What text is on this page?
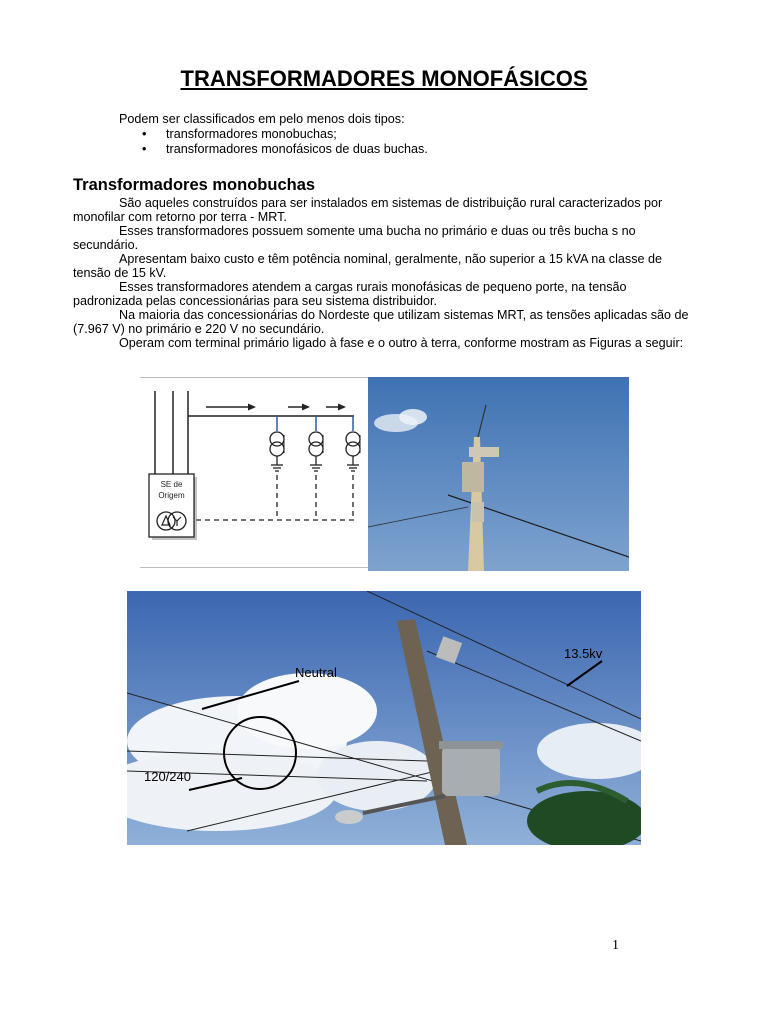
TRANSFORMADORES MONOFÁSICOS
Podem ser classificados em pelo menos dois tipos:
• transformadores monobuchas;
• transformadores monofásicos de duas buchas.
Transformadores monobuchas

São aqueles construídos para ser instalados em sistemas de distribuição rural caracterizados por monofilar com retorno por terra - MRT.

Esses transformadores possuem somente uma bucha no primário e duas ou três bucha s no secundário.

Apresentam baixo custo e têm potência nominal, geralmente, não superior a 15 kVA na classe de tensão de 15 kV.

Esses transformadores atendem a cargas rurais monofásicas de pequeno porte, na tensão padronizada pelas concessionárias para seu sistema distribuidor.

Na maioria das concessionárias do Nordeste que utilizam sistemas MRT, as tensões aplicadas são de (7.967 V) no primário e 220 V no secundário.

Operam com terminal primário ligado à fase e o outro à terra, conforme mostram as Figuras a seguir:

SE de
Origem
Neutral
13.5kv
120/240
1
